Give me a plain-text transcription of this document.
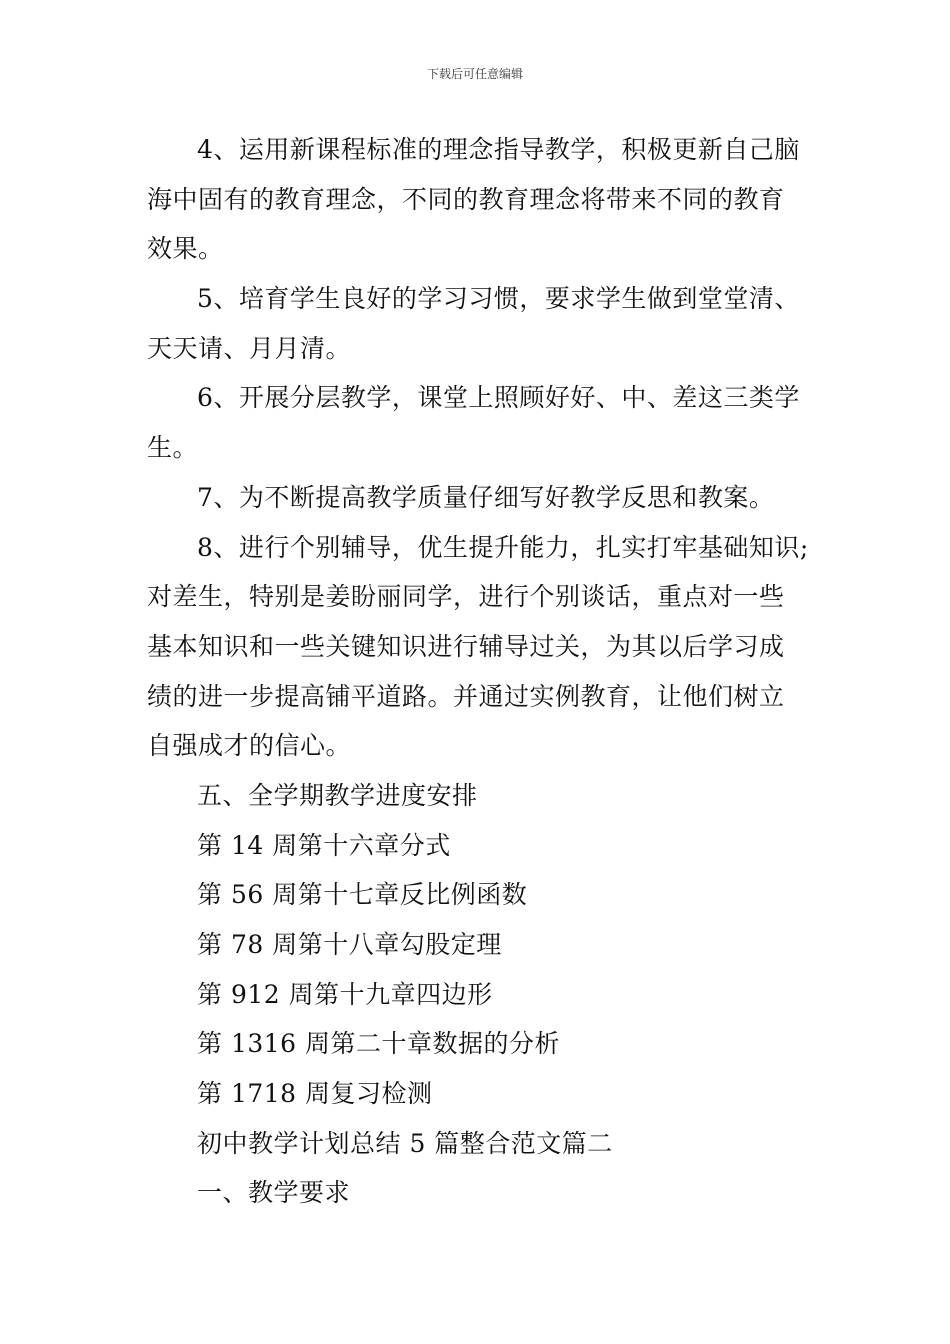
下载后可任意编辑
4、运用新课程标准的理念指导教学，积极更新自己脑
海中固有的教育理念，不同的教育理念将带来不同的教育
效果。
5、培育学生良好的学习习惯，要求学生做到堂堂清、
天天请、月月清。
6、开展分层教学，课堂上照顾好好、中、差这三类学
生。
7、为不断提高教学质量仔细写好教学反思和教案。
8、进行个别辅导，优生提升能力，扎实打牢基础知识;
对差生，特别是姜盼丽同学，进行个别谈话，重点对一些
基本知识和一些关键知识进行辅导过关，为其以后学习成
绩的进一步提高铺平道路。并通过实例教育，让他们树立
自强成才的信心。
五、全学期教学进度安排
第 14 周第十六章分式
第 56 周第十七章反比例函数
第 78 周第十八章勾股定理
第 912 周第十九章四边形
第 1316 周第二十章数据的分析
第 1718 周复习检测
初中教学计划总结 5 篇整合范文篇二
一、教学要求
